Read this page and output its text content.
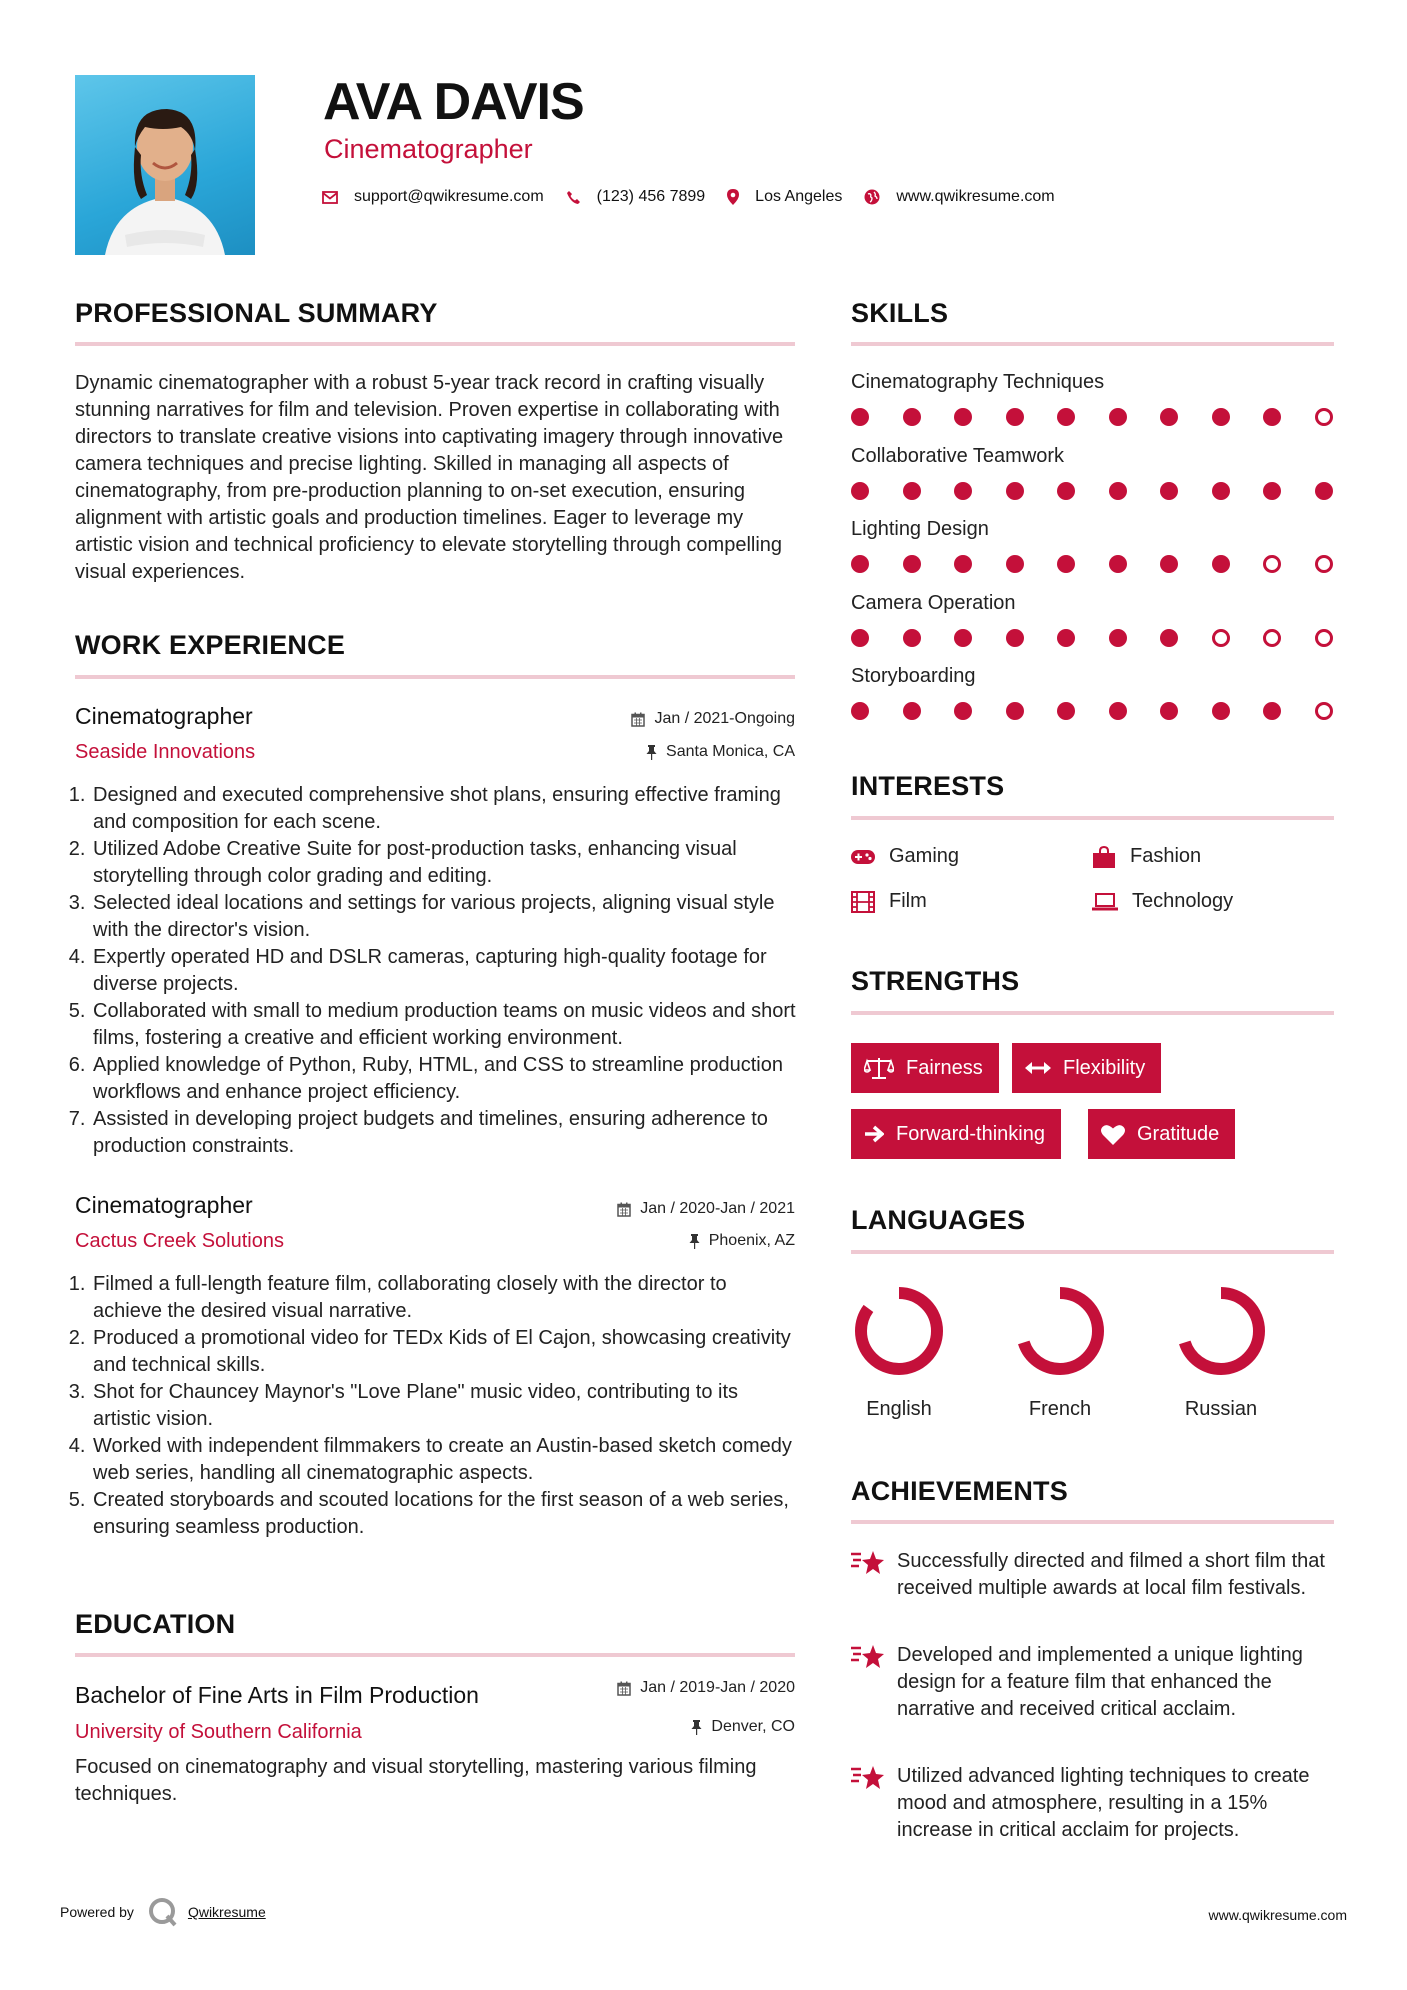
AVA DAVIS
Cinematographer
support@qwikresume.com	(123) 456 7899	Los Angeles	www.qwikresume.com
PROFESSIONAL SUMMARY
Dynamic cinematographer with a robust 5-year track record in crafting visually stunning narratives for film and television. Proven expertise in collaborating with directors to translate creative visions into captivating imagery through innovative camera techniques and precise lighting. Skilled in managing all aspects of cinematography, from pre-production planning to on-set execution, ensuring alignment with artistic goals and production timelines. Eager to leverage my artistic vision and technical proficiency to elevate storytelling through compelling visual experiences.
WORK EXPERIENCE
Cinematographer
Seaside Innovations
Jan / 2021-Ongoing
Santa Monica, CA
1. Designed and executed comprehensive shot plans, ensuring effective framing and composition for each scene.
2. Utilized Adobe Creative Suite for post-production tasks, enhancing visual storytelling through color grading and editing.
3. Selected ideal locations and settings for various projects, aligning visual style with the director's vision.
4. Expertly operated HD and DSLR cameras, capturing high-quality footage for diverse projects.
5. Collaborated with small to medium production teams on music videos and short films, fostering a creative and efficient working environment.
6. Applied knowledge of Python, Ruby, HTML, and CSS to streamline production workflows and enhance project efficiency.
7. Assisted in developing project budgets and timelines, ensuring adherence to production constraints.
Cinematographer
Cactus Creek Solutions
Jan / 2020-Jan / 2021
Phoenix, AZ
1. Filmed a full-length feature film, collaborating closely with the director to achieve the desired visual narrative.
2. Produced a promotional video for TEDx Kids of El Cajon, showcasing creativity and technical skills.
3. Shot for Chauncey Maynor's "Love Plane" music video, contributing to its artistic vision.
4. Worked with independent filmmakers to create an Austin-based sketch comedy web series, handling all cinematographic aspects.
5. Created storyboards and scouted locations for the first season of a web series, ensuring seamless production.
EDUCATION
Bachelor of Fine Arts in Film Production
University of Southern California
Jan / 2019-Jan / 2020
Denver, CO
Focused on cinematography and visual storytelling, mastering various filming techniques.
SKILLS
Cinematography Techniques
Collaborative Teamwork
Lighting Design
Camera Operation
Storyboarding
INTERESTS
Gaming	Fashion
Film	Technology
STRENGTHS
Fairness	Flexibility
Forward-thinking	Gratitude
LANGUAGES
English	French	Russian
ACHIEVEMENTS
Successfully directed and filmed a short film that received multiple awards at local film festivals.
Developed and implemented a unique lighting design for a feature film that enhanced the narrative and received critical acclaim.
Utilized advanced lighting techniques to create mood and atmosphere, resulting in a 15% increase in critical acclaim for projects.
Powered by	Qwikresume	www.qwikresume.com
